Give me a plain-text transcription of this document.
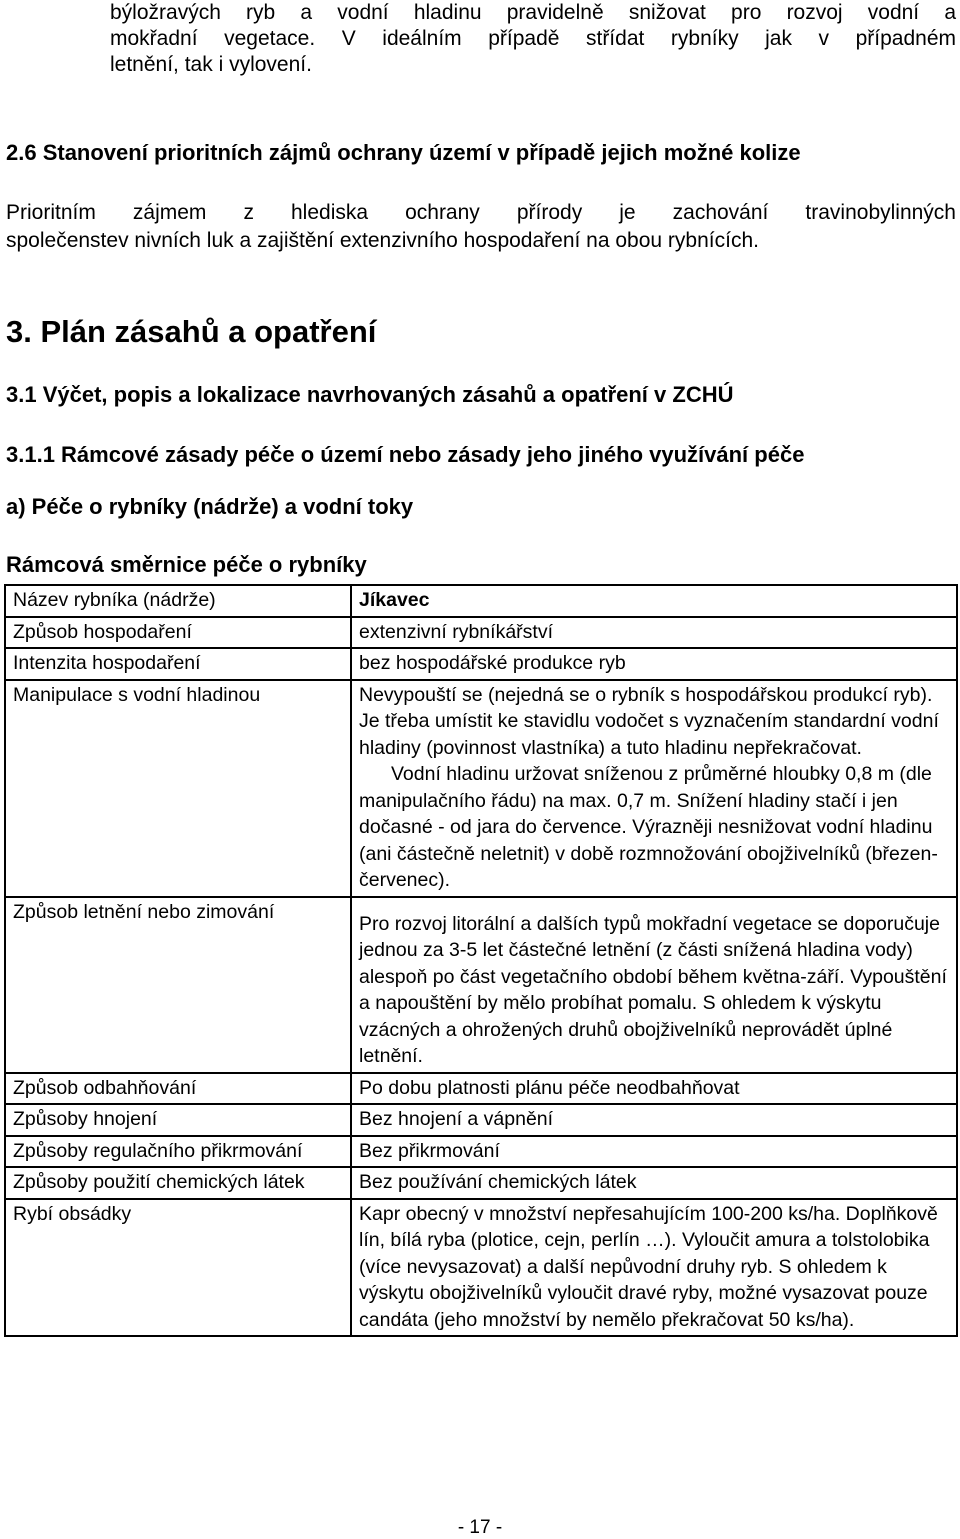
býložravých ryb a vodní hladinu pravidelně snižovat pro rozvoj vodní a
mokřadní vegetace. V ideálním případě střídat rybníky jak v případném
letnění, tak i vylovení.
2.6 Stanovení prioritních zájmů ochrany území v případě jejich možné kolize
Prioritním zájmem z hlediska ochrany přírody je zachování travinobylinných
společenstev nivních luk a zajištění extenzivního hospodaření na obou rybnících.
3. Plán zásahů a opatření
3.1 Výčet, popis a lokalizace navrhovaných zásahů a opatření v ZCHÚ
3.1.1 Rámcové zásady péče o území nebo zásady jeho jiného využívání péče
a) Péče o rybníky (nádrže) a vodní toky
Rámcová směrnice péče o rybníky
Název rybníka (nádrže)	Jíkavec
Způsob hospodaření	extenzivní rybníkářství
Intenzita hospodaření	bez hospodářské produkce ryb
Manipulace s vodní hladinou	Nevypouští se (nejedná se o rybník s hospodářskou produkcí ryb). Je třeba umístit ke stavidlu vodočet s vyznačením standardní vodní hladiny (povinnost vlastníka) a tuto hladinu nepřekračovat.
Vodní hladinu uržovat sníženou z průměrné hloubky 0,8 m (dle manipulačního řádu) na max. 0,7 m. Snížení hladiny stačí i jen dočasné - od jara do července. Výrazněji nesnižovat vodní hladinu (ani částečně neletnit) v době rozmnožování obojživelníků (březen-červenec).

Způsob letnění nebo zimování	Pro rozvoj litorální a dalších typů mokřadní vegetace se doporučuje jednou za 3-5 let částečné letnění (z části snížená hladina vody) alespoň po část vegetačního období během května-září. Vypouštění a napouštění by mělo probíhat pomalu. S ohledem k výskytu vzácných a ohrožených druhů obojživelníků neprovádět úplné letnění.

Způsob odbahňování	Po dobu platnosti plánu péče neodbahňovat
Způsoby hnojení	Bez hnojení a vápnění
Způsoby regulačního přikrmování	Bez přikrmování
Způsoby použití chemických látek	Bez používání chemických látek
Rybí obsádky	Kapr obecný v množství nepřesahujícím 100-200 ks/ha. Doplňkově lín, bílá ryba (plotice, cejn, perlín …). Vyloučit amura a tolstolobika (více nevysazovat) a další nepůvodní druhy ryb. S ohledem k výskytu obojživelníků vyloučit dravé ryby, možné vysazovat pouze candáta (jeho množství by nemělo překračovat 50 ks/ha).
- 17 -
